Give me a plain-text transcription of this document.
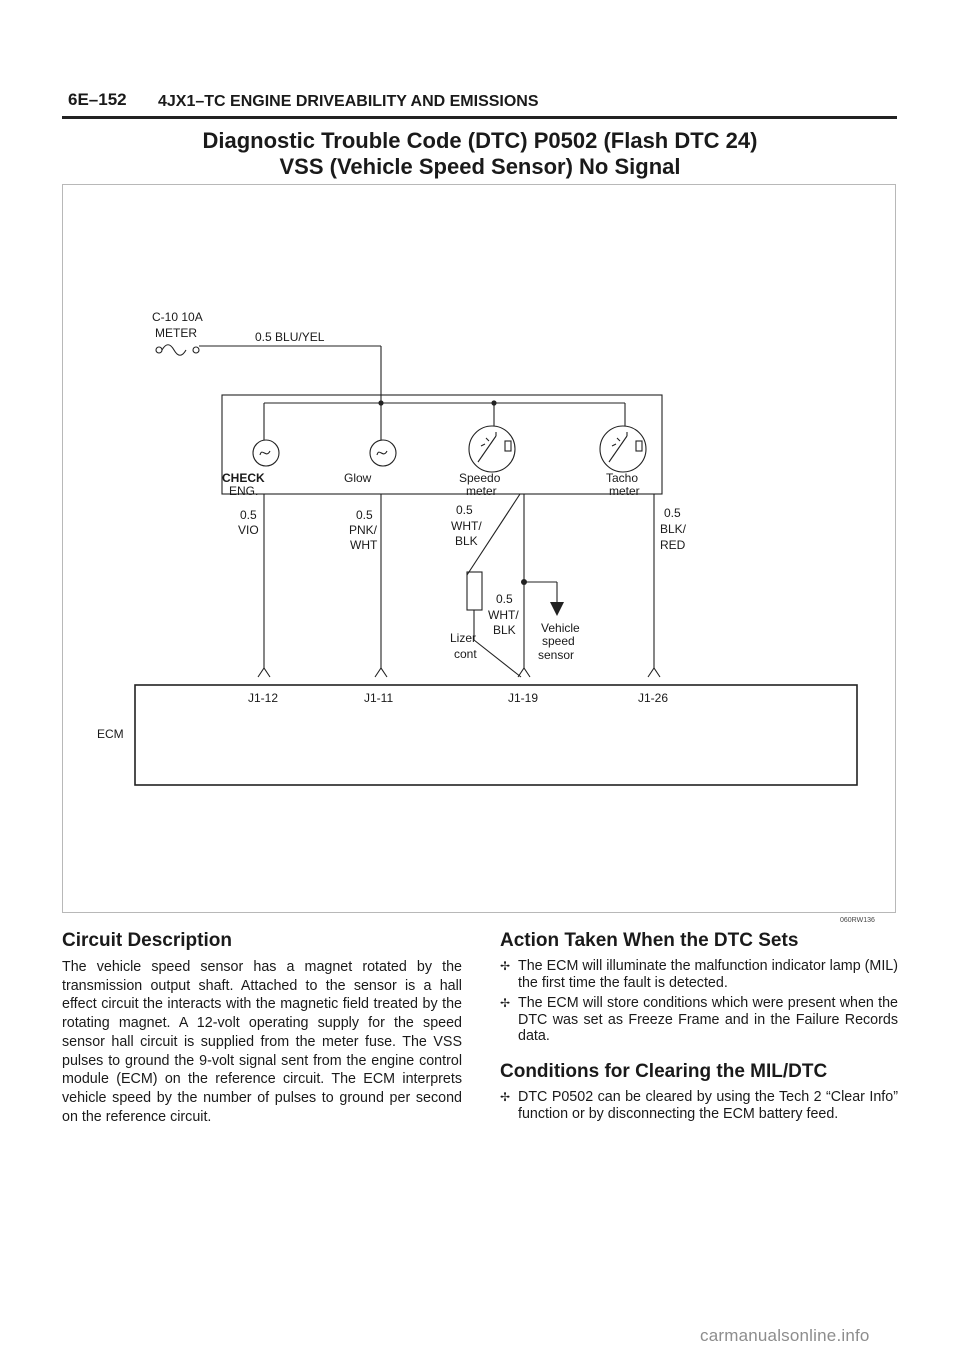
6E–152 4JX1–TC ENGINE DRIVEABILITY AND EMISSIONS
Diagnostic Trouble Code (DTC) P0502 (Flash DTC 24)
VSS (Vehicle Speed Sensor) No Signal
C-10 10A
METER	0.5 BLU/YEL
CHECK
ENG.
Glow	Speedo
meter
Tacho
meter
0.5
VIO
0.5
PNK/
WHT
0.5
WHT/
BLK
0.5
BLK/
RED
0.5
WHT/
BLK
Lizer
cont
Vehicle
speed
sensor
J1-12	J1-11	J1-19	J1-26
ECM
060RW136
Circuit Description

The vehicle speed sensor has a magnet rotated by the transmission output shaft. Attached to the sensor is a hall effect circuit the interacts with the magnetic field treated by the rotating magnet. A 12-volt operating supply for the speed sensor hall circuit is supplied from the meter fuse. The VSS pulses to ground the 9-volt signal sent from the engine control module (ECM) on the reference circuit. The ECM interprets vehicle speed by the number of pulses to ground per second on the reference circuit.

Action Taken When the DTC Sets
✢ The ECM will illuminate the malfunction indicator lamp (MIL) the first time the fault is detected.
✢ The ECM will store conditions which were present when the DTC was set as Freeze Frame and in the Failure Records data.
Conditions for Clearing the MIL/DTC
✢ DTC P0502 can be cleared by using the Tech 2 “Clear Info” function or by disconnecting the ECM battery feed.
carmanualsonline.info
